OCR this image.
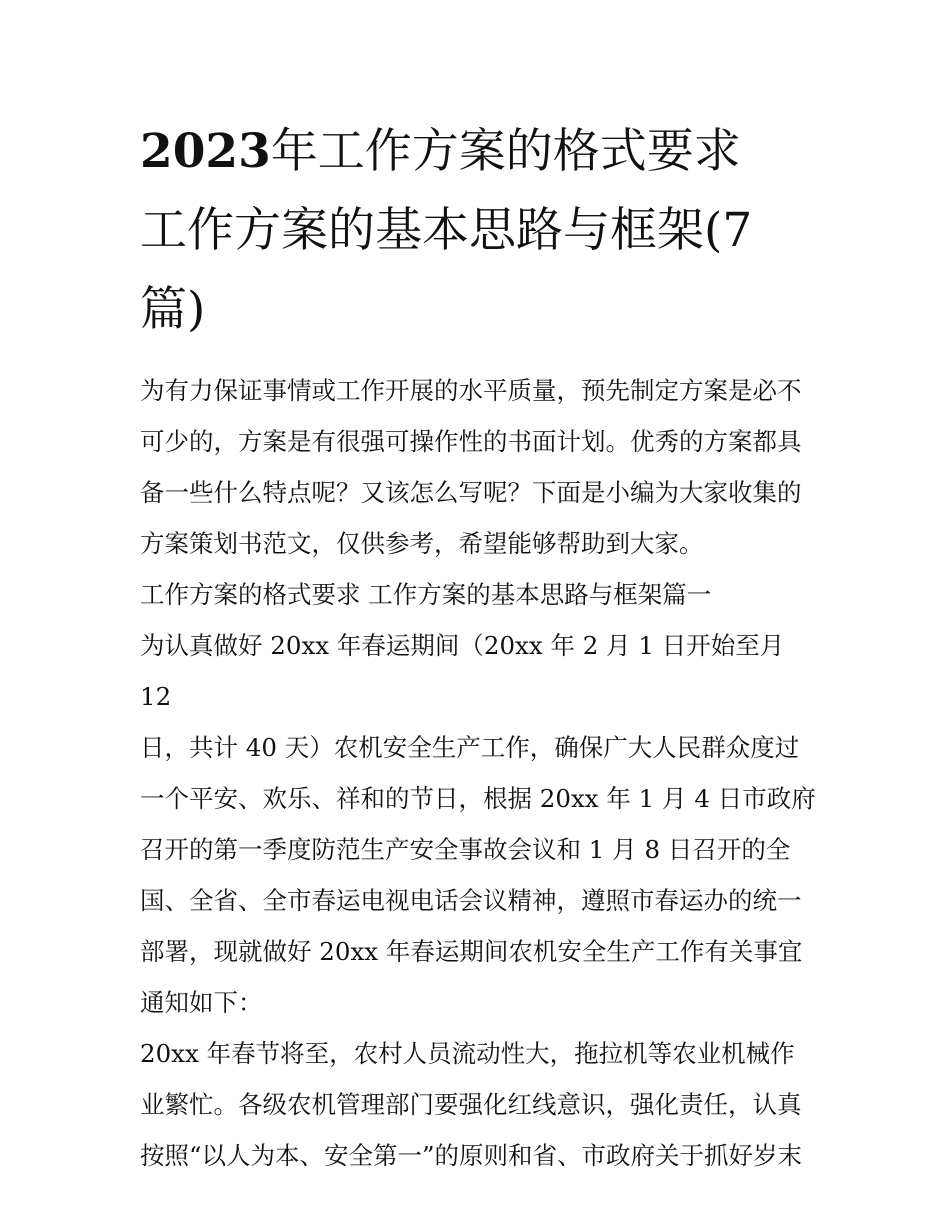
2023年工作方案的格式要求
工作方案的基本思路与框架(7
篇)

为有力保证事情或工作开展的水平质量，预先制定方案是必不
可少的，方案是有很强可操作性的书面计划。优秀的方案都具
备一些什么特点呢？又该怎么写呢？下面是小编为大家收集的
方案策划书范文，仅供参考，希望能够帮助到大家。

工作方案的格式要求 工作方案的基本思路与框架篇一

为认真做好 20xx 年春运期间（20xx 年 2 月 1 日开始至月 12
日，共计 40 天）农机安全生产工作，确保广大人民群众度过
一个平安、欢乐、祥和的节日，根据 20xx 年 1 月 4 日市政府
召开的第一季度防范生产安全事故会议和 1 月 8 日召开的全
国、全省、全市春运电视电话会议精神，遵照市春运办的统一
部署，现就做好 20xx 年春运期间农机安全生产工作有关事宜
通知如下：

20xx 年春节将至，农村人员流动性大，拖拉机等农业机械作
业繁忙。各级农机管理部门要强化红线意识，强化责任，认真
按照“以人为本、安全第一”的原则和省、市政府关于抓好岁末
